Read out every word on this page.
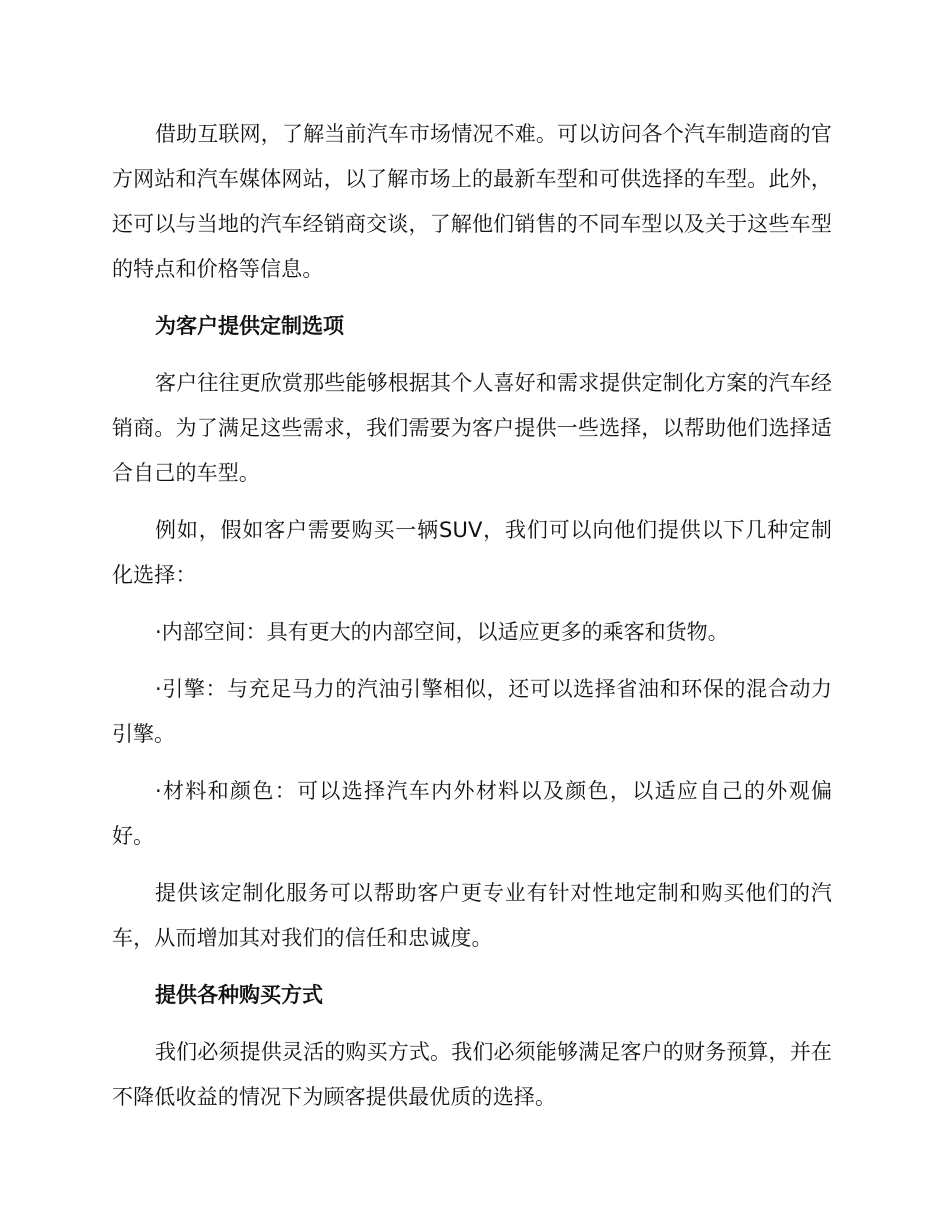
借助互联网，了解当前汽车市场情况不难。可以访问各个汽车制造商的官方网站和汽车媒体网站，以了解市场上的最新车型和可供选择的车型。此外，还可以与当地的汽车经销商交谈，了解他们销售的不同车型以及关于这些车型的特点和价格等信息。

为客户提供定制选项

客户往往更欣赏那些能够根据其个人喜好和需求提供定制化方案的汽车经销商。为了满足这些需求，我们需要为客户提供一些选择，以帮助他们选择适合自己的车型。

例如，假如客户需要购买一辆SUV，我们可以向他们提供以下几种定制化选择：

·内部空间：具有更大的内部空间，以适应更多的乘客和货物。

·引擎：与充足马力的汽油引擎相似，还可以选择省油和环保的混合动力引擎。

·材料和颜色：可以选择汽车内外材料以及颜色，以适应自己的外观偏好。

提供该定制化服务可以帮助客户更专业有针对性地定制和购买他们的汽车，从而增加其对我们的信任和忠诚度。

提供各种购买方式

我们必须提供灵活的购买方式。我们必须能够满足客户的财务预算，并在不降低收益的情况下为顾客提供最优质的选择。
